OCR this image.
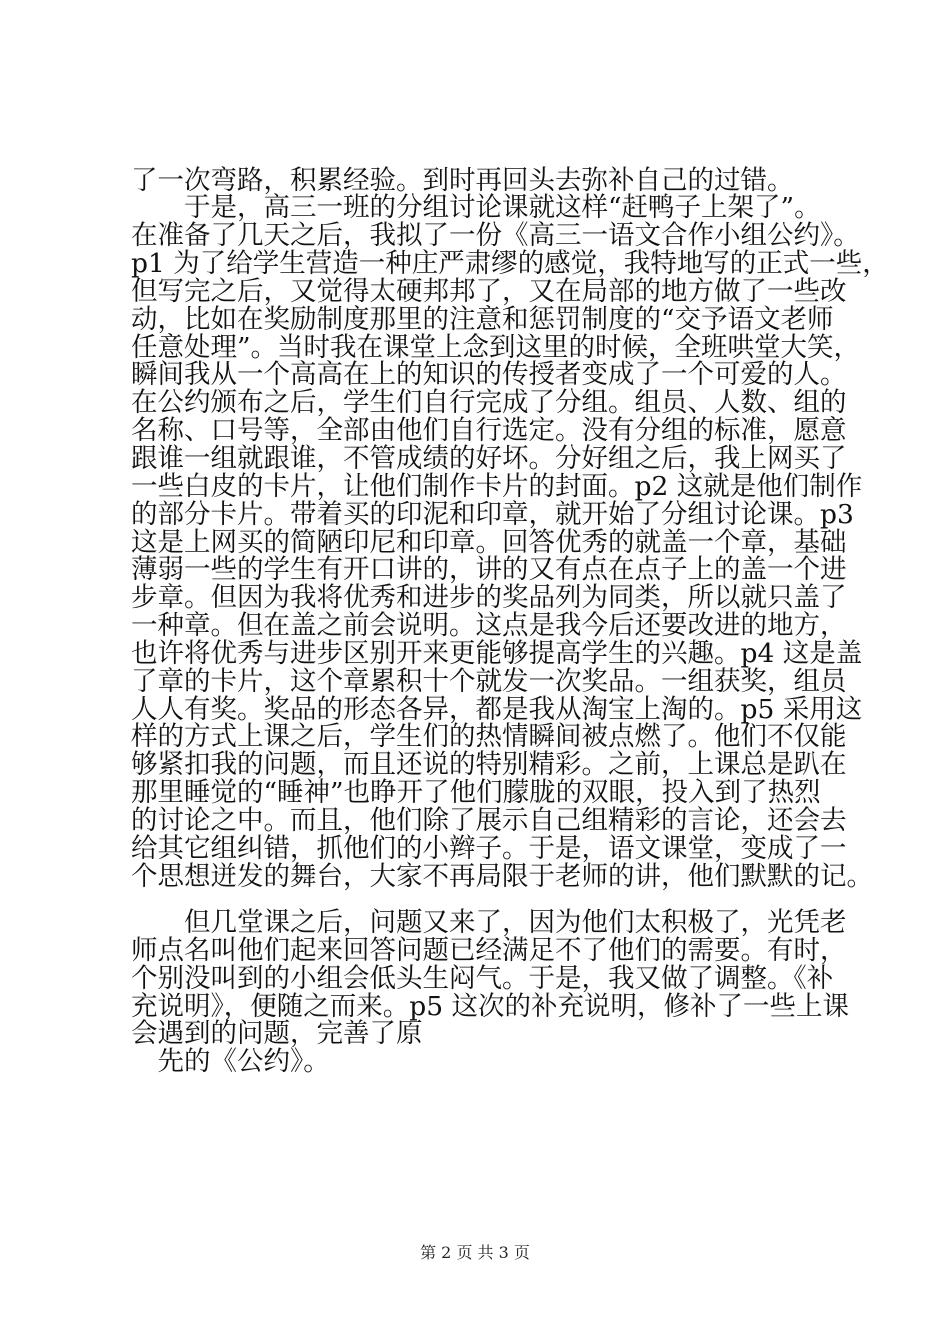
了一次弯路，积累经验。到时再回头去弥补自己的过错。
　　于是，高三一班的分组讨论课就这样“赶鸭子上架了”。
在准备了几天之后，我拟了一份《高三一语文合作小组公约》。
p1 为了给学生营造一种庄严肃缪的感觉，我特地写的正式一些，
但写完之后，又觉得太硬邦邦了，又在局部的地方做了一些改
动，比如在奖励制度那里的注意和惩罚制度的“交予语文老师
任意处理”。当时我在课堂上念到这里的时候，全班哄堂大笑，
瞬间我从一个高高在上的知识的传授者变成了一个可爱的人。
在公约颁布之后，学生们自行完成了分组。组员、人数、组的
名称、口号等，全部由他们自行选定。没有分组的标准，愿意
跟谁一组就跟谁，不管成绩的好坏。分好组之后，我上网买了
一些白皮的卡片，让他们制作卡片的封面。p2 这就是他们制作
的部分卡片。带着买的印泥和印章，就开始了分组讨论课。p3
这是上网买的简陋印尼和印章。回答优秀的就盖一个章，基础
薄弱一些的学生有开口讲的，讲的又有点在点子上的盖一个进
步章。但因为我将优秀和进步的奖品列为同类，所以就只盖了
一种章。但在盖之前会说明。这点是我今后还要改进的地方，
也许将优秀与进步区别开来更能够提高学生的兴趣。p4 这是盖
了章的卡片，这个章累积十个就发一次奖品。一组获奖，组员
人人有奖。奖品的形态各异，都是我从淘宝上淘的。p5 采用这
样的方式上课之后，学生们的热情瞬间被点燃了。他们不仅能
够紧扣我的问题，而且还说的特别精彩。之前，上课总是趴在
那里睡觉的“睡神”也睁开了他们朦胧的双眼，投入到了热烈
的讨论之中。而且，他们除了展示自己组精彩的言论，还会去
给其它组纠错，抓他们的小辫子。于是，语文课堂，变成了一
个思想迸发的舞台，大家不再局限于老师的讲，他们默默的记。
　　但几堂课之后，问题又来了，因为他们太积极了，光凭老
师点名叫他们起来回答问题已经满足不了他们的需要。有时，
个别没叫到的小组会低头生闷气。于是，我又做了调整。《补
充说明》，便随之而来。p5 这次的补充说明，修补了一些上课
会遇到的问题，完善了原
　先的《公约》。
第 2 页 共 3 页
